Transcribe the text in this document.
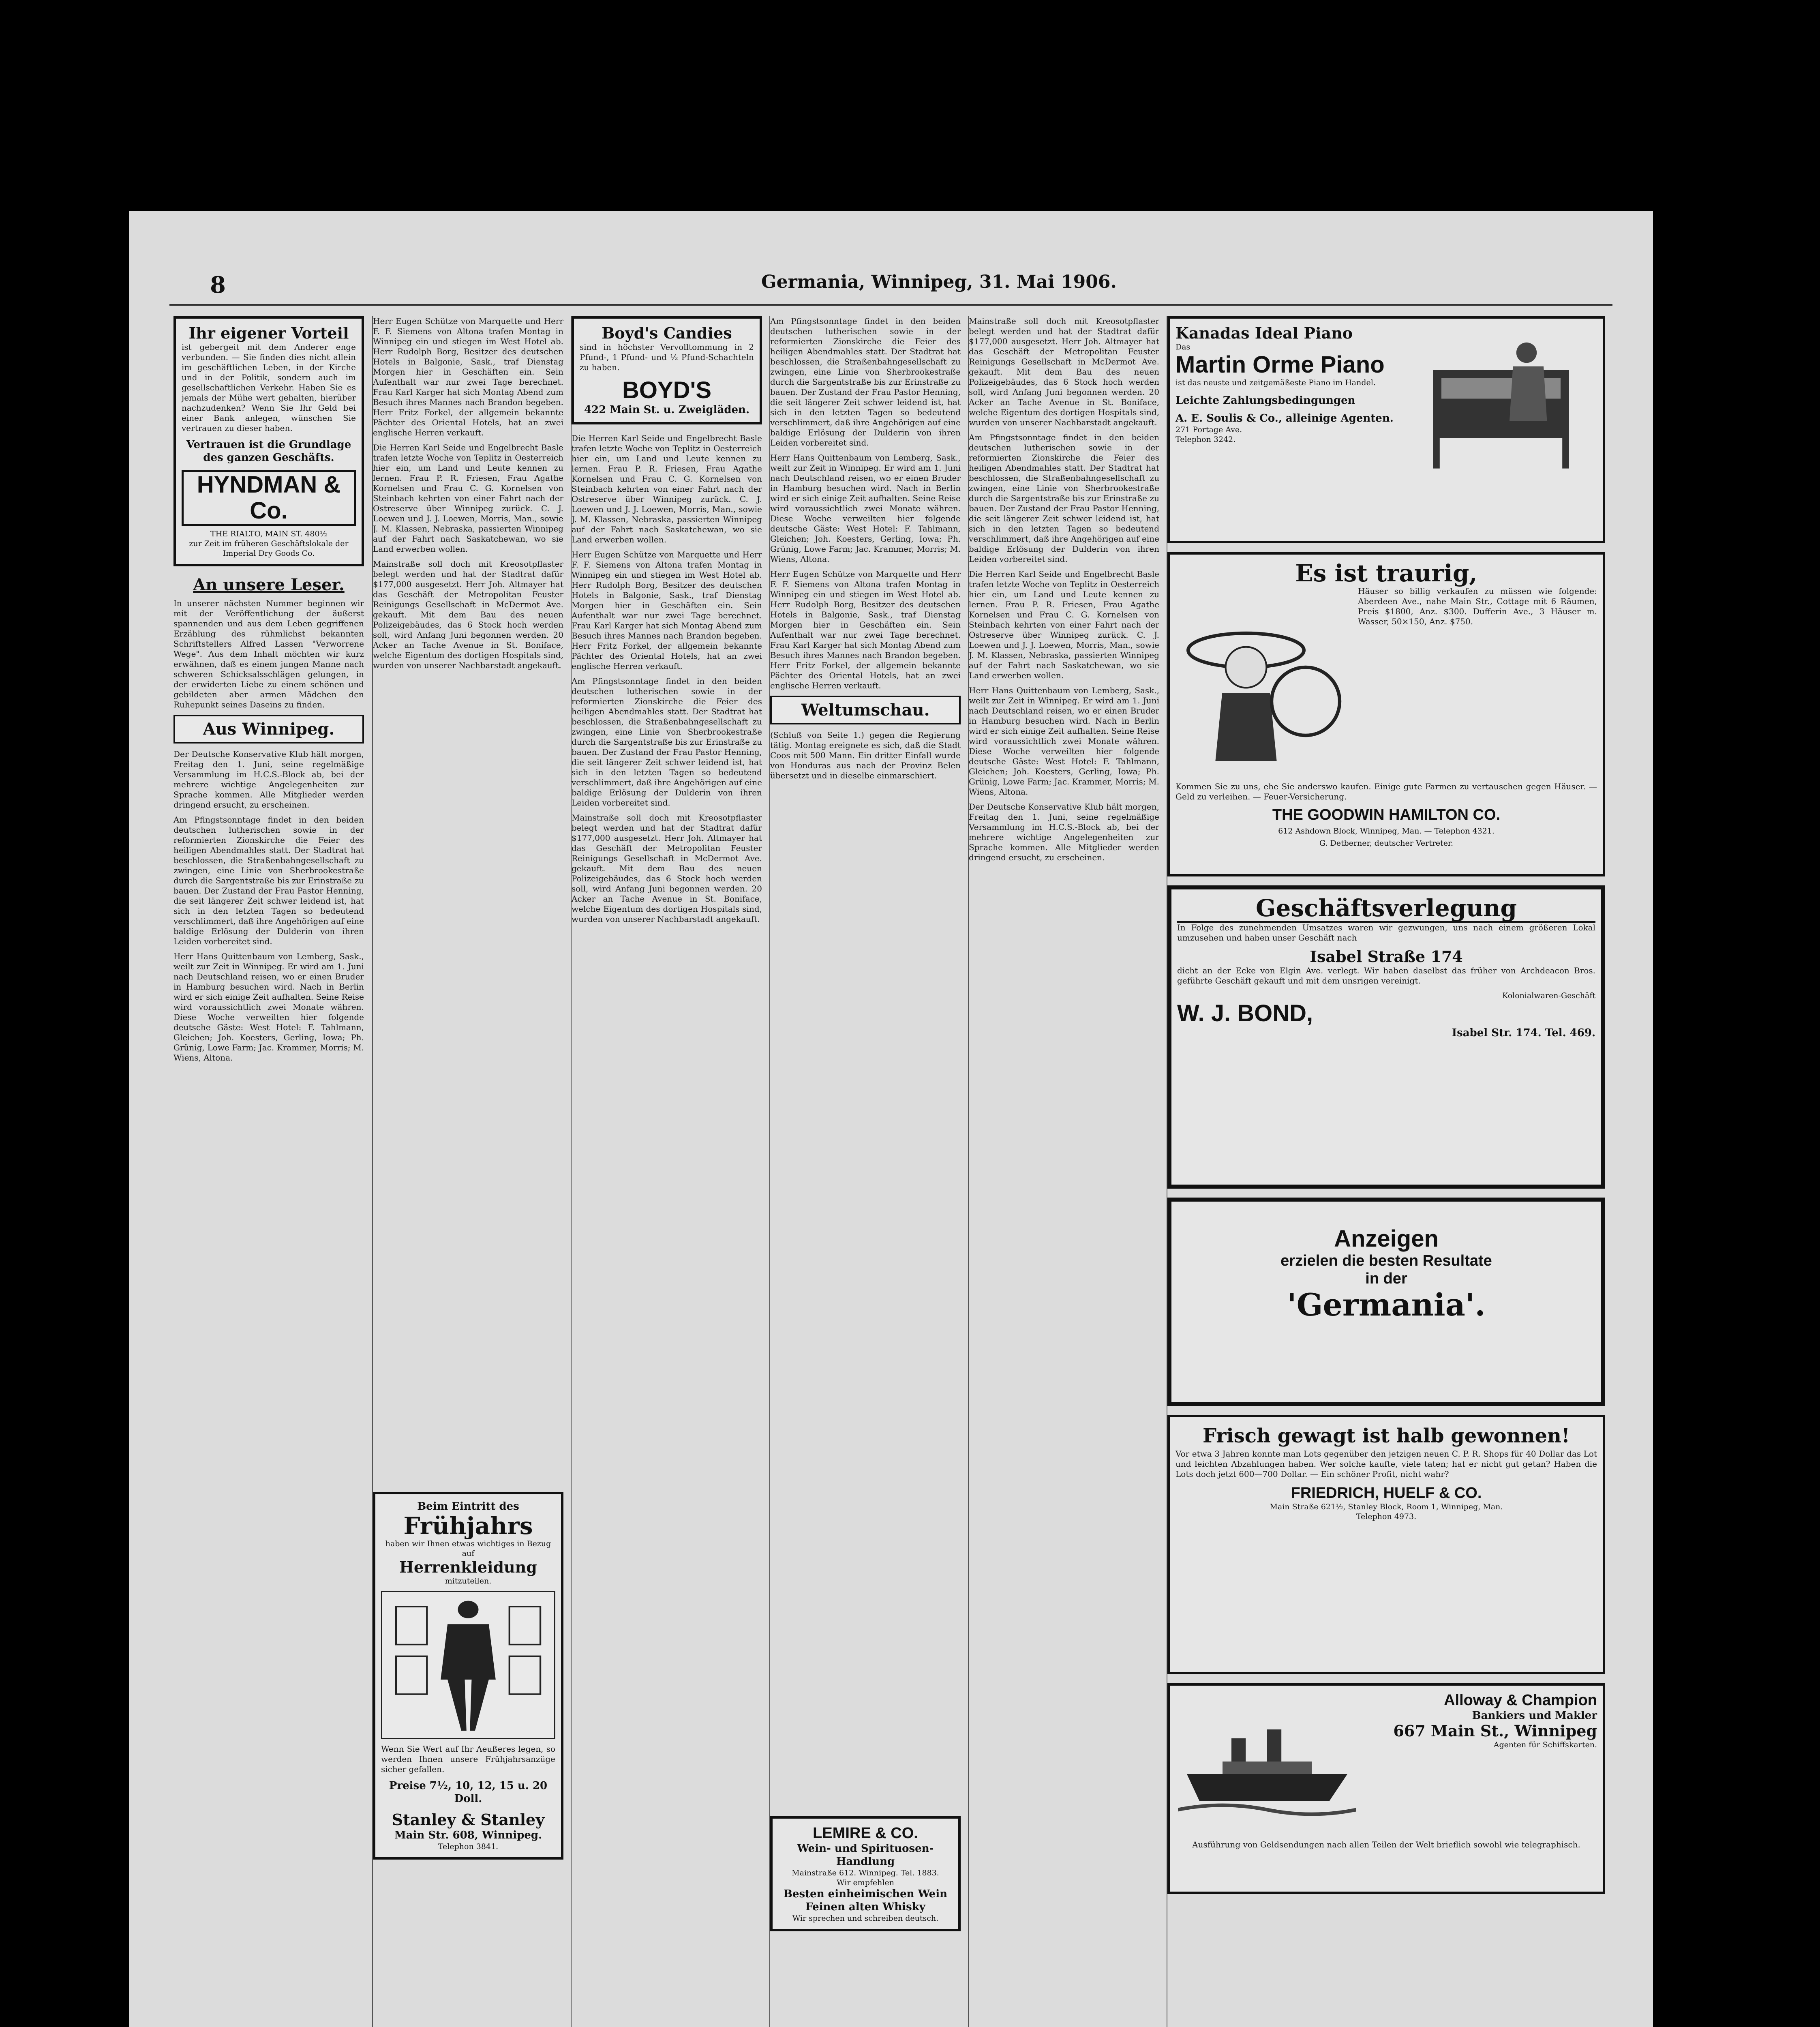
8	Germania, Winnipeg, 31. Mai 1906.
Ihr eigener Vorteil

ist gebergeit mit dem Anderer enge verbunden. — Sie finden dies nicht allein im geschäftlichen Leben, in der Kirche und in der Politik, sondern auch im gesellschaftlichen Verkehr. Haben Sie es jemals der Mühe wert gehalten, hierüber nachzudenken? Wenn Sie Ihr Geld bei einer Bank anlegen, wünschen Sie vertrauen zu dieser haben.

Vertrauen ist die Grundlage des ganzen Geschäfts.
HYNDMAN & Co.
THE RIALTO, MAIN ST. 480½
zur Zeit im früheren Geschäftslokale der Imperial Dry Goods Co.
An unsere Leser.

In unserer nächsten Nummer beginnen wir mit der Veröffentlichung der äußerst spannenden und aus dem Leben gegriffenen Erzählung des rühmlichst bekannten Schriftstellers Alfred Lassen "Verworrene Wege". Aus dem Inhalt möchten wir kurz erwähnen, daß es einem jungen Manne nach schweren Schicksalsschlägen gelungen, in der erwiderten Liebe zu einem schönen und gebildeten aber armen Mädchen den Ruhepunkt seines Daseins zu finden.

Aus Winnipeg.

Der Deutsche Konservative Klub hält morgen, Freitag den 1. Juni, seine regelmäßige Versammlung im H.C.S.-Block ab, bei der mehrere wichtige Angelegenheiten zur Sprache kommen. Alle Mitglieder werden dringend ersucht, zu erscheinen.

Am Pfingstsonntage findet in den beiden deutschen lutherischen sowie in der reformierten Zionskirche die Feier des heiligen Abendmahles statt. Der Stadtrat hat beschlossen, die Straßenbahngesellschaft zu zwingen, eine Linie von Sherbrookestraße durch die Sargentstraße bis zur Erinstraße zu bauen. Der Zustand der Frau Pastor Henning, die seit längerer Zeit schwer leidend ist, hat sich in den letzten Tagen so bedeutend verschlimmert, daß ihre Angehörigen auf eine baldige Erlösung der Dulderin von ihren Leiden vorbereitet sind.

Herr Hans Quittenbaum von Lemberg, Sask., weilt zur Zeit in Winnipeg. Er wird am 1. Juni nach Deutschland reisen, wo er einen Bruder in Hamburg besuchen wird. Nach in Berlin wird er sich einige Zeit aufhalten. Seine Reise wird voraussichtlich zwei Monate währen. Diese Woche verweilten hier folgende deutsche Gäste: West Hotel: F. Tahlmann, Gleichen; Joh. Koesters, Gerling, Iowa; Ph. Grünig, Lowe Farm; Jac. Krammer, Morris; M. Wiens, Altona.

Herr Eugen Schütze von Marquette und Herr F. F. Siemens von Altona trafen Montag in Winnipeg ein und stiegen im West Hotel ab. Herr Rudolph Borg, Besitzer des deutschen Hotels in Balgonie, Sask., traf Dienstag Morgen hier in Geschäften ein. Sein Aufenthalt war nur zwei Tage berechnet. Frau Karl Karger hat sich Montag Abend zum Besuch ihres Mannes nach Brandon begeben. Herr Fritz Forkel, der allgemein bekannte Pächter des Oriental Hotels, hat an zwei englische Herren verkauft.

Die Herren Karl Seide und Engelbrecht Basle trafen letzte Woche von Teplitz in Oesterreich hier ein, um Land und Leute kennen zu lernen. Frau P. R. Friesen, Frau Agathe Kornelsen und Frau C. G. Kornelsen von Steinbach kehrten von einer Fahrt nach der Ostreserve über Winnipeg zurück. C. J. Loewen und J. J. Loewen, Morris, Man., sowie J. M. Klassen, Nebraska, passierten Winnipeg auf der Fahrt nach Saskatchewan, wo sie Land erwerben wollen.

Mainstraße soll doch mit Kreosotpflaster belegt werden und hat der Stadtrat dafür $177,000 ausgesetzt. Herr Joh. Altmayer hat das Geschäft der Metropolitan Feuster Reinigungs Gesellschaft in McDermot Ave. gekauft. Mit dem Bau des neuen Polizeigebäudes, das 6 Stock hoch werden soll, wird Anfang Juni begonnen werden. 20 Acker an Tache Avenue in St. Boniface, welche Eigentum des dortigen Hospitals sind, wurden von unserer Nachbarstadt angekauft.

Beim Eintritt des
Frühjahrs
haben wir Ihnen etwas wichtiges in Bezug auf
Herrenkleidung
mitzuteilen.

Wenn Sie Wert auf Ihr Aeußeres legen, so werden Ihnen unsere Frühjahrsanzüge sicher gefallen.

Preise 7½, 10, 12, 15 u. 20 Doll.
Stanley & Stanley
Main Str. 608, Winnipeg.
Telephon 3841.
Boyd's Candies

sind in höchster Vervolltommung in 2 Pfund-, 1 Pfund- und ½ Pfund-Schachteln zu haben.

BOYD'S
422 Main St. u. Zweigläden.

Die Herren Karl Seide und Engelbrecht Basle trafen letzte Woche von Teplitz in Oesterreich hier ein, um Land und Leute kennen zu lernen. Frau P. R. Friesen, Frau Agathe Kornelsen und Frau C. G. Kornelsen von Steinbach kehrten von einer Fahrt nach der Ostreserve über Winnipeg zurück. C. J. Loewen und J. J. Loewen, Morris, Man., sowie J. M. Klassen, Nebraska, passierten Winnipeg auf der Fahrt nach Saskatchewan, wo sie Land erwerben wollen.

Herr Eugen Schütze von Marquette und Herr F. F. Siemens von Altona trafen Montag in Winnipeg ein und stiegen im West Hotel ab. Herr Rudolph Borg, Besitzer des deutschen Hotels in Balgonie, Sask., traf Dienstag Morgen hier in Geschäften ein. Sein Aufenthalt war nur zwei Tage berechnet. Frau Karl Karger hat sich Montag Abend zum Besuch ihres Mannes nach Brandon begeben. Herr Fritz Forkel, der allgemein bekannte Pächter des Oriental Hotels, hat an zwei englische Herren verkauft.

Am Pfingstsonntage findet in den beiden deutschen lutherischen sowie in der reformierten Zionskirche die Feier des heiligen Abendmahles statt. Der Stadtrat hat beschlossen, die Straßenbahngesellschaft zu zwingen, eine Linie von Sherbrookestraße durch die Sargentstraße bis zur Erinstraße zu bauen. Der Zustand der Frau Pastor Henning, die seit längerer Zeit schwer leidend ist, hat sich in den letzten Tagen so bedeutend verschlimmert, daß ihre Angehörigen auf eine baldige Erlösung der Dulderin von ihren Leiden vorbereitet sind.

Mainstraße soll doch mit Kreosotpflaster belegt werden und hat der Stadtrat dafür $177,000 ausgesetzt. Herr Joh. Altmayer hat das Geschäft der Metropolitan Feuster Reinigungs Gesellschaft in McDermot Ave. gekauft. Mit dem Bau des neuen Polizeigebäudes, das 6 Stock hoch werden soll, wird Anfang Juni begonnen werden. 20 Acker an Tache Avenue in St. Boniface, welche Eigentum des dortigen Hospitals sind, wurden von unserer Nachbarstadt angekauft.

Am Pfingstsonntage findet in den beiden deutschen lutherischen sowie in der reformierten Zionskirche die Feier des heiligen Abendmahles statt. Der Stadtrat hat beschlossen, die Straßenbahngesellschaft zu zwingen, eine Linie von Sherbrookestraße durch die Sargentstraße bis zur Erinstraße zu bauen. Der Zustand der Frau Pastor Henning, die seit längerer Zeit schwer leidend ist, hat sich in den letzten Tagen so bedeutend verschlimmert, daß ihre Angehörigen auf eine baldige Erlösung der Dulderin von ihren Leiden vorbereitet sind.

Herr Hans Quittenbaum von Lemberg, Sask., weilt zur Zeit in Winnipeg. Er wird am 1. Juni nach Deutschland reisen, wo er einen Bruder in Hamburg besuchen wird. Nach in Berlin wird er sich einige Zeit aufhalten. Seine Reise wird voraussichtlich zwei Monate währen. Diese Woche verweilten hier folgende deutsche Gäste: West Hotel: F. Tahlmann, Gleichen; Joh. Koesters, Gerling, Iowa; Ph. Grünig, Lowe Farm; Jac. Krammer, Morris; M. Wiens, Altona.

Herr Eugen Schütze von Marquette und Herr F. F. Siemens von Altona trafen Montag in Winnipeg ein und stiegen im West Hotel ab. Herr Rudolph Borg, Besitzer des deutschen Hotels in Balgonie, Sask., traf Dienstag Morgen hier in Geschäften ein. Sein Aufenthalt war nur zwei Tage berechnet. Frau Karl Karger hat sich Montag Abend zum Besuch ihres Mannes nach Brandon begeben. Herr Fritz Forkel, der allgemein bekannte Pächter des Oriental Hotels, hat an zwei englische Herren verkauft.

Weltumschau.

(Schluß von Seite 1.) gegen die Regierung tätig. Montag ereignete es sich, daß die Stadt Coos mit 500 Mann. Ein dritter Einfall wurde von Honduras aus nach der Provinz Belen übersetzt und in dieselbe einmarschiert.

LEMIRE & CO.
Wein- und Spirituosen-Handlung
Mainstraße 612. Winnipeg. Tel. 1883.
Wir empfehlen
Besten einheimischen Wein
Feinen alten Whisky
Wir sprechen und schreiben deutsch.

Mainstraße soll doch mit Kreosotpflaster belegt werden und hat der Stadtrat dafür $177,000 ausgesetzt. Herr Joh. Altmayer hat das Geschäft der Metropolitan Feuster Reinigungs Gesellschaft in McDermot Ave. gekauft. Mit dem Bau des neuen Polizeigebäudes, das 6 Stock hoch werden soll, wird Anfang Juni begonnen werden. 20 Acker an Tache Avenue in St. Boniface, welche Eigentum des dortigen Hospitals sind, wurden von unserer Nachbarstadt angekauft.

Am Pfingstsonntage findet in den beiden deutschen lutherischen sowie in der reformierten Zionskirche die Feier des heiligen Abendmahles statt. Der Stadtrat hat beschlossen, die Straßenbahngesellschaft zu zwingen, eine Linie von Sherbrookestraße durch die Sargentstraße bis zur Erinstraße zu bauen. Der Zustand der Frau Pastor Henning, die seit längerer Zeit schwer leidend ist, hat sich in den letzten Tagen so bedeutend verschlimmert, daß ihre Angehörigen auf eine baldige Erlösung der Dulderin von ihren Leiden vorbereitet sind.

Die Herren Karl Seide und Engelbrecht Basle trafen letzte Woche von Teplitz in Oesterreich hier ein, um Land und Leute kennen zu lernen. Frau P. R. Friesen, Frau Agathe Kornelsen und Frau C. G. Kornelsen von Steinbach kehrten von einer Fahrt nach der Ostreserve über Winnipeg zurück. C. J. Loewen und J. J. Loewen, Morris, Man., sowie J. M. Klassen, Nebraska, passierten Winnipeg auf der Fahrt nach Saskatchewan, wo sie Land erwerben wollen.

Herr Hans Quittenbaum von Lemberg, Sask., weilt zur Zeit in Winnipeg. Er wird am 1. Juni nach Deutschland reisen, wo er einen Bruder in Hamburg besuchen wird. Nach in Berlin wird er sich einige Zeit aufhalten. Seine Reise wird voraussichtlich zwei Monate währen. Diese Woche verweilten hier folgende deutsche Gäste: West Hotel: F. Tahlmann, Gleichen; Joh. Koesters, Gerling, Iowa; Ph. Grünig, Lowe Farm; Jac. Krammer, Morris; M. Wiens, Altona.

Der Deutsche Konservative Klub hält morgen, Freitag den 1. Juni, seine regelmäßige Versammlung im H.C.S.-Block ab, bei der mehrere wichtige Angelegenheiten zur Sprache kommen. Alle Mitglieder werden dringend ersucht, zu erscheinen.

Kanadas Ideal Piano
Das
Martin Orme Piano
ist das neuste und zeitgemäßeste Piano im Handel.
Leichte Zahlungsbedingungen
A. E. Soulis & Co., alleinige Agenten.
271 Portage Ave.
Telephon 3242.
Es ist traurig,

Häuser so billig verkaufen zu müssen wie folgende: Aberdeen Ave., nahe Main Str., Cottage mit 6 Räumen, Preis $1800, Anz. $300. Dufferin Ave., 3 Häuser m. Wasser, 50×150, Anz. $750.

Kommen Sie zu uns, ehe Sie anderswo kaufen. Einige gute Farmen zu vertauschen gegen Häuser. — Geld zu verleihen. — Feuer-Versicherung.

THE GOODWIN HAMILTON CO.
612 Ashdown Block, Winnipeg, Man. — Telephon 4321.
G. Detberner, deutscher Vertreter.
Geschäftsverlegung

In Folge des zunehmenden Umsatzes waren wir gezwungen, uns nach einem größeren Lokal umzusehen und haben unser Geschäft nach

Isabel Straße 174

dicht an der Ecke von Elgin Ave. verlegt. Wir haben daselbst das früher von Archdeacon Bros. geführte Geschäft gekauft und mit dem unsrigen vereinigt.

Kolonialwaren-Geschäft
W. J. BOND,
Isabel Str. 174. Tel. 469.
Anzeigen
erzielen die besten Resultate
in der
'Germania'.
Frisch gewagt ist halb gewonnen!

Vor etwa 3 Jahren konnte man Lots gegenüber den jetzigen neuen C. P. R. Shops für 40 Dollar das Lot und leichten Abzahlungen haben. Wer solche kaufte, viele taten; hat er nicht gut getan? Haben die Lots doch jetzt 600—700 Dollar. — Ein schöner Profit, nicht wahr?

FRIEDRICH, HUELF & CO.
Main Straße 621½, Stanley Block, Room 1, Winnipeg, Man.
Telephon 4973.
Alloway & Champion
Bankiers und Makler
667 Main St., Winnipeg
Agenten für Schiffskarten.

Ausführung von Geldsendungen nach allen Teilen der Welt brieflich sowohl wie telegraphisch.
